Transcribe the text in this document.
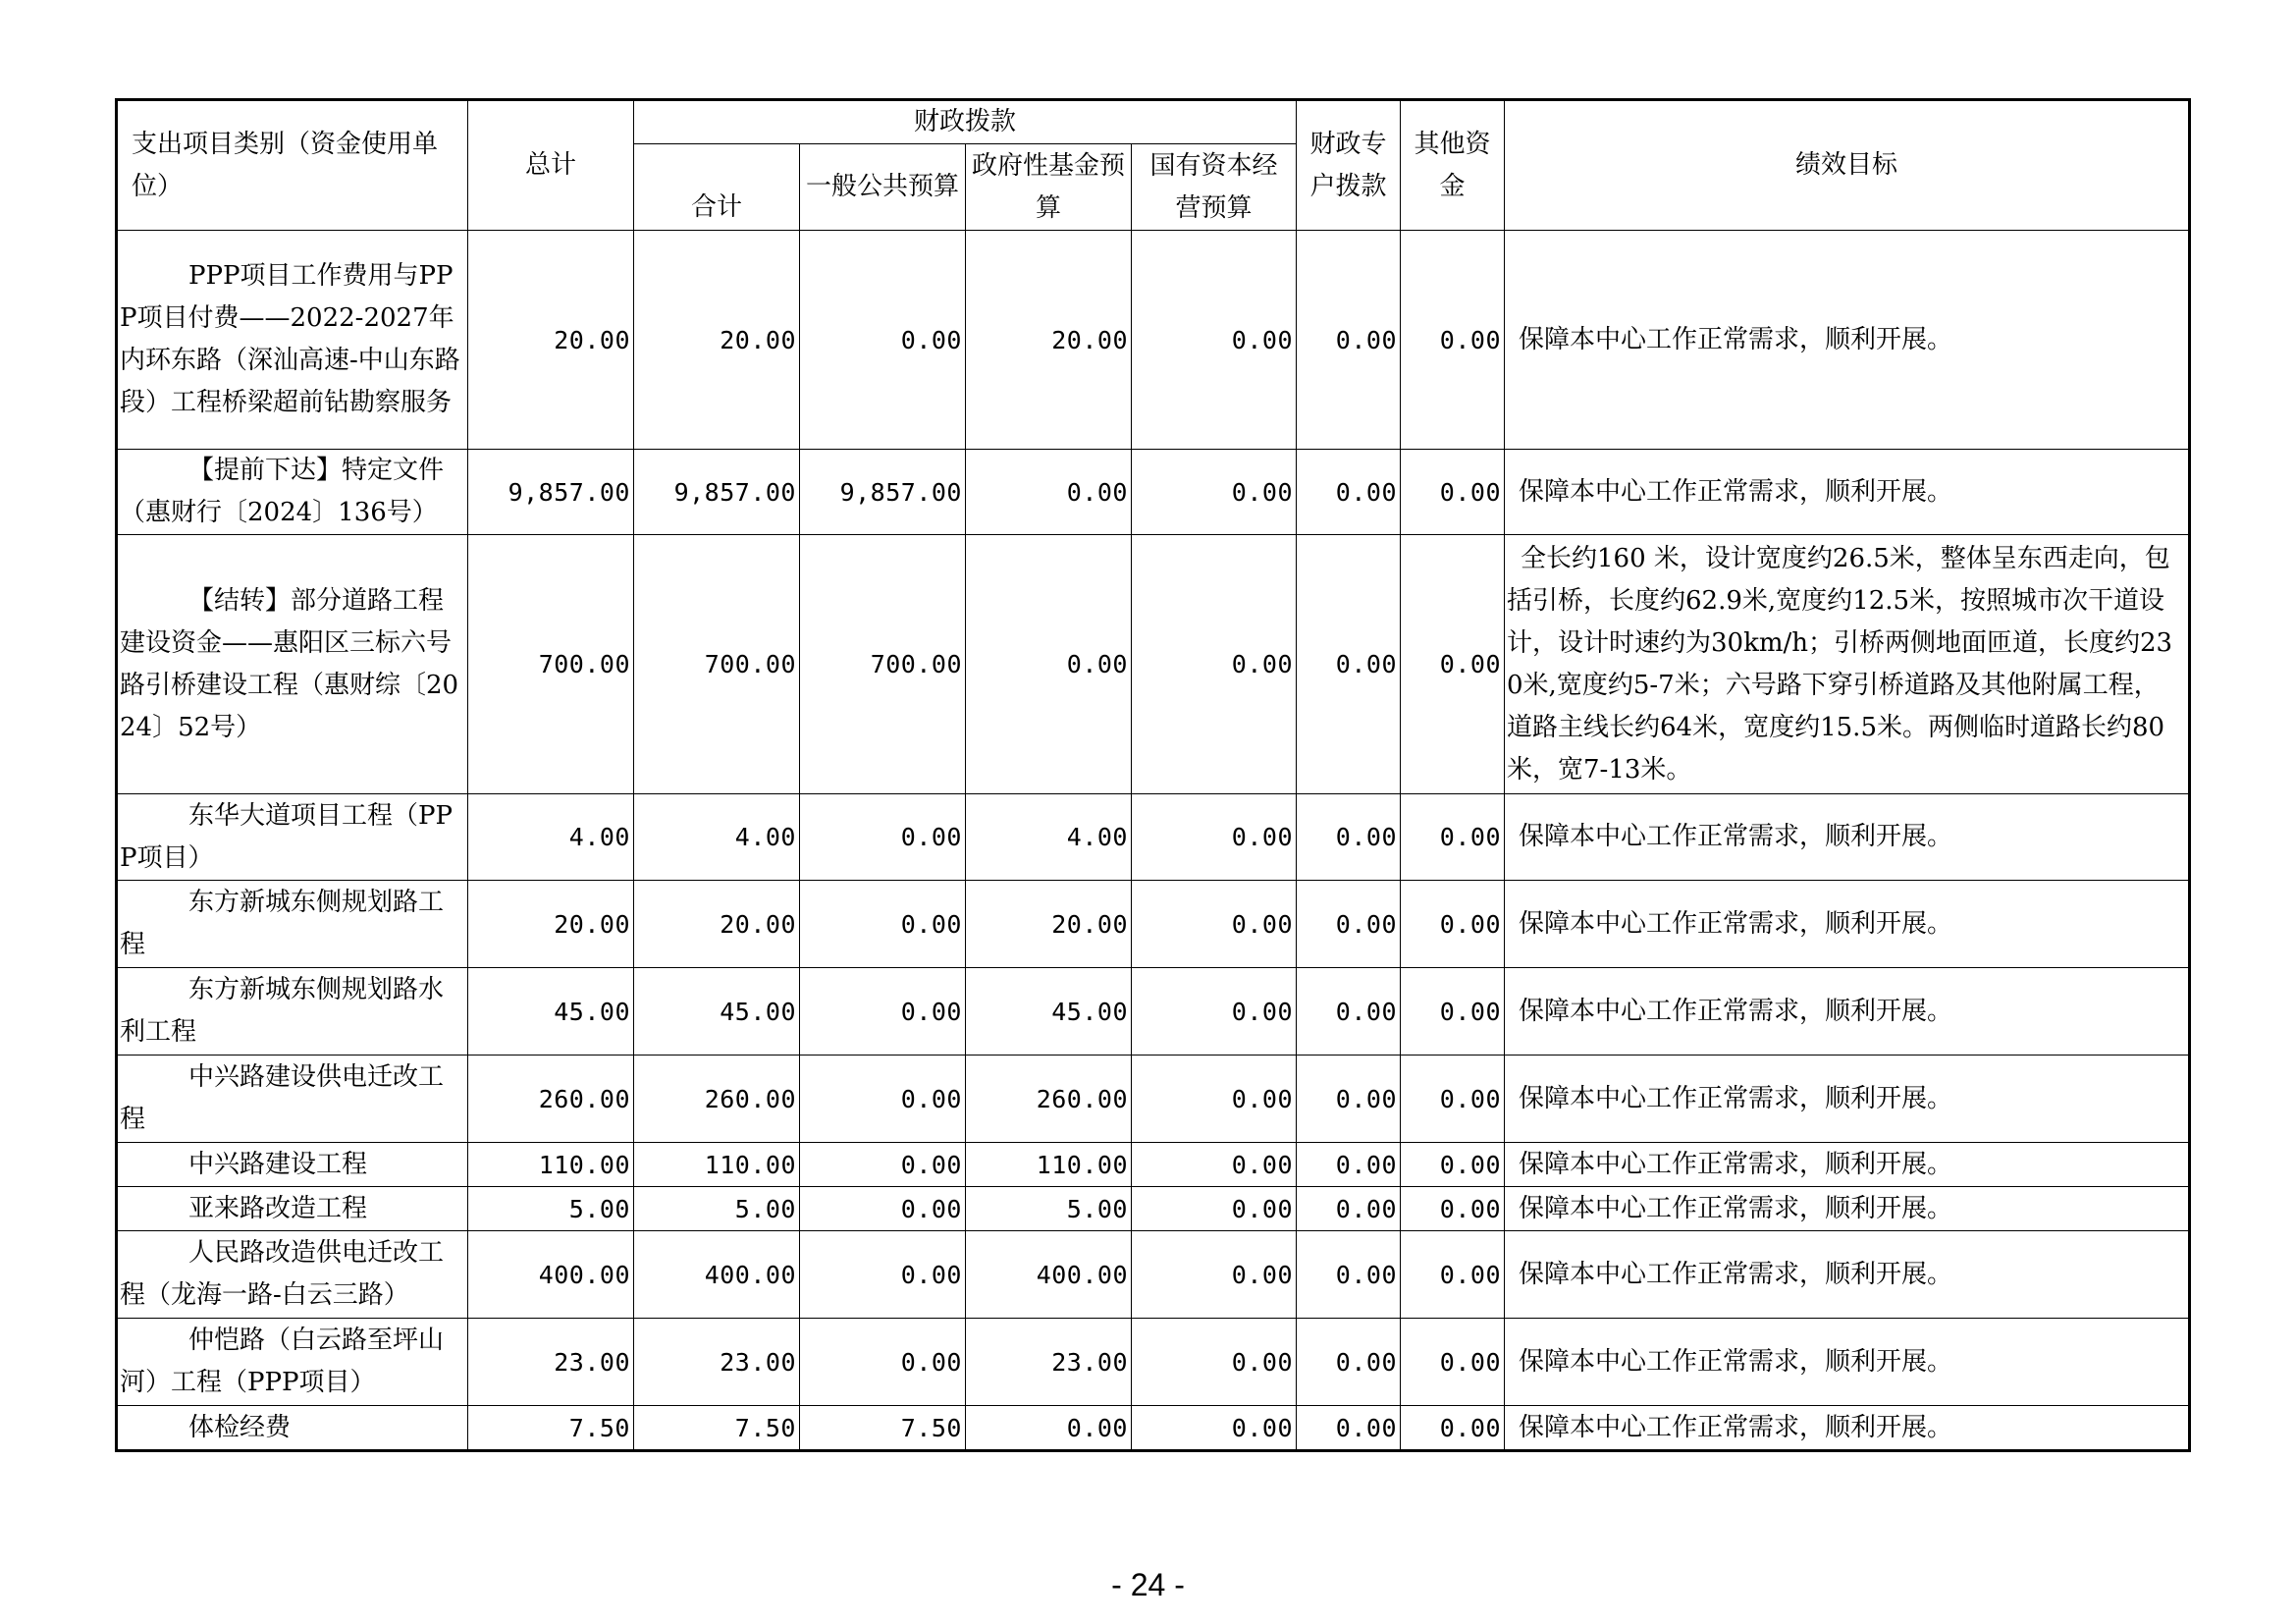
支出项目类别（资金使用单位）	总计	财政拨款				财政专户拨款	其他资金	绩效目标
		合计	一般公共预算	政府性基金预算	国有资本经营预算			
PPP项目工作费用与PPP项目付费——2022-2027年内环东路（深汕高速-中山东路段）工程桥梁超前钻勘察服务	20.00	20.00	0.00	20.00	0.00	0.00	0.00	保障本中心工作正常需求，顺利开展。
【提前下达】特定文件（惠财行〔2024〕136号）	9,857.00	9,857.00	9,857.00	0.00	0.00	0.00	0.00	保障本中心工作正常需求，顺利开展。
【结转】部分道路工程建设资金——惠阳区三标六号路引桥建设工程（惠财综〔2024〕52号）	700.00	700.00	700.00	0.00	0.00	0.00	0.00	全长约160 米，设计宽度约26.5米，整体呈东西走向，包括引桥，长度约62.9米,宽度约12.5米，按照城市次干道设计，设计时速约为30km/h；引桥两侧地面匝道，长度约230米,宽度约5-7米；六号路下穿引桥道路及其他附属工程，道路主线长约64米，宽度约15.5米。两侧临时道路长约80米，宽7-13米。
东华大道项目工程（PPP项目）	4.00	4.00	0.00	4.00	0.00	0.00	0.00	保障本中心工作正常需求，顺利开展。
东方新城东侧规划路工程	20.00	20.00	0.00	20.00	0.00	0.00	0.00	保障本中心工作正常需求，顺利开展。
东方新城东侧规划路水利工程	45.00	45.00	0.00	45.00	0.00	0.00	0.00	保障本中心工作正常需求，顺利开展。
中兴路建设供电迁改工程	260.00	260.00	0.00	260.00	0.00	0.00	0.00	保障本中心工作正常需求，顺利开展。
中兴路建设工程	110.00	110.00	0.00	110.00	0.00	0.00	0.00	保障本中心工作正常需求，顺利开展。
亚来路改造工程	5.00	5.00	0.00	5.00	0.00	0.00	0.00	保障本中心工作正常需求，顺利开展。
人民路改造供电迁改工程（龙海一路-白云三路）	400.00	400.00	0.00	400.00	0.00	0.00	0.00	保障本中心工作正常需求，顺利开展。
仲恺路（白云路至坪山河）工程（PPP项目）	23.00	23.00	0.00	23.00	0.00	0.00	0.00	保障本中心工作正常需求，顺利开展。
体检经费	7.50	7.50	7.50	0.00	0.00	0.00	0.00	保障本中心工作正常需求，顺利开展。
- 24 -
